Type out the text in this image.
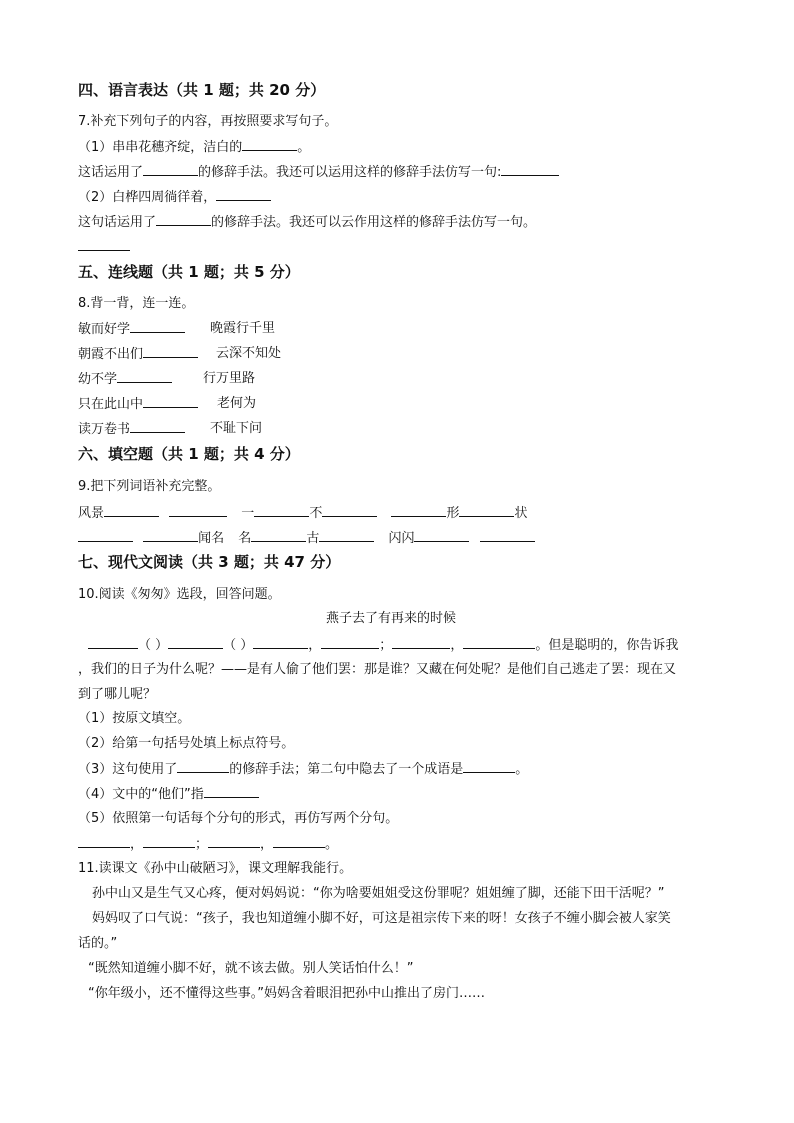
四、语言表达（共 1 题；共 20 分）
7.补充下列句子的内容，再按照要求写句子。
（1）串串花穗齐绽，洁白的	。
这话运用了	的修辞手法。我还可以运用这样的修辞手法仿写一句:
（2）白桦四周徜徉着，
这句话运用了	的修辞手法。我还可以云作用这样的修辞手法仿写一句。
五、连线题（共 1 题；共 5 分）
8.背一背，连一连。
敏而好学	晚霞行千里
朝霞不出们	云深不知处
幼不学	行万里路
只在此山中	老何为
读万卷书	不耻下问
六、填空题（共 1 题；共 4 分）
9.把下列词语补充完整。
风景	一	不	形	状
闻名 名	古	闪闪
七、现代文阅读（共 3 题；共 47 分）
10.阅读《匆匆》选段，回答问题。
燕子去了有再来的时候
（ ）	（ ）	，	；	，	。但是聪明的，你告诉我
，我们的日子为什么呢？——是有人偷了他们罢：那是谁？又藏在何处呢？是他们自己逃走了罢：现在又
到了哪儿呢？
（1）按原文填空。
（2）给第一句括号处填上标点符号。
（3）这句使用了	的修辞手法；第二句中隐去了一个成语是	。
（4）文中的“他们”指
（5）依照第一句话每个分句的形式，再仿写两个分句。
，	；	，	。
11.读课文《孙中山破陋习》，课文理解我能行。
孙中山又是生气又心疼，便对妈妈说：“你为啥要姐姐受这份罪呢？姐姐缠了脚，还能下田干活呢？”
妈妈叹了口气说：“孩子，我也知道缠小脚不好，可这是祖宗传下来的呀！女孩子不缠小脚会被人家笑
话的。”
“既然知道缠小脚不好，就不该去做。别人笑话怕什么！”
“你年级小，还不懂得这些事。”妈妈含着眼泪把孙中山推出了房门……
